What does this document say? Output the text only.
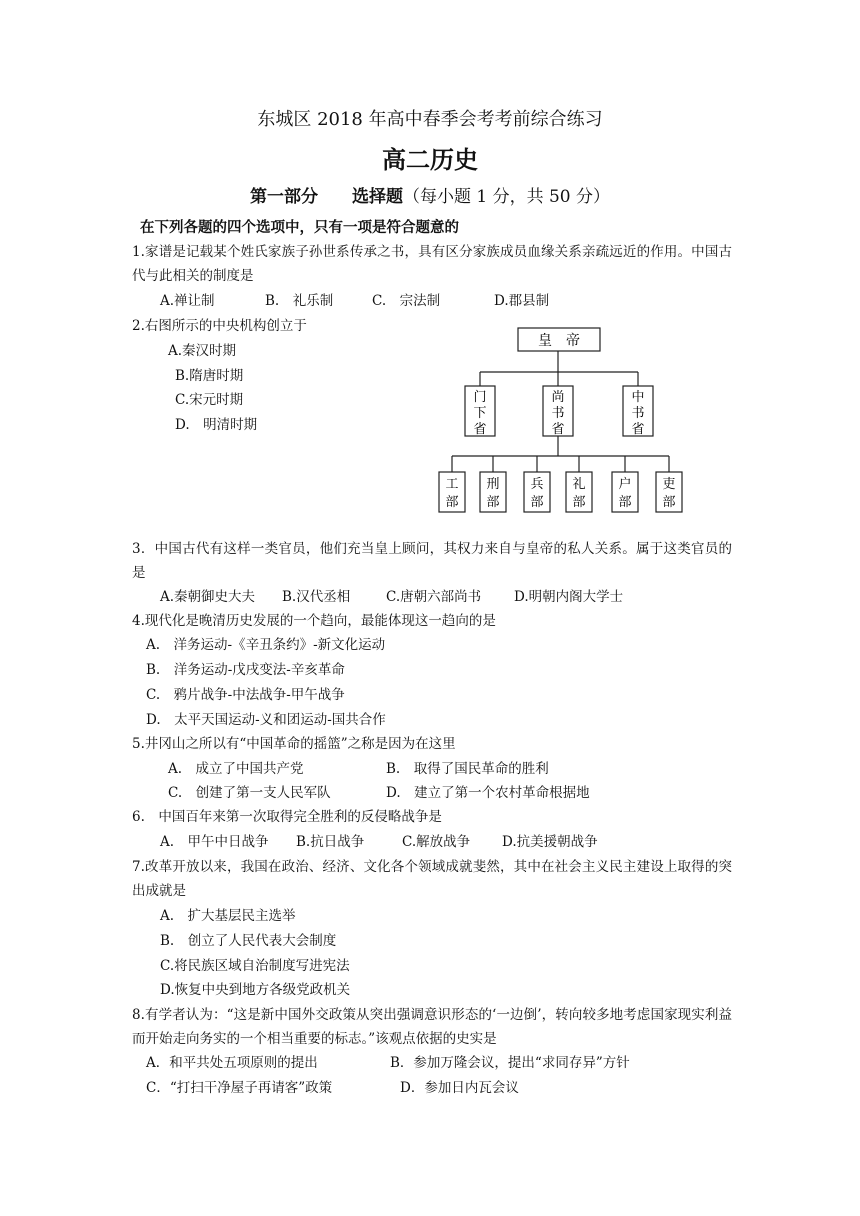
东城区 2018 年高中春季会考考前综合练习
高二历史
第一部分　　选择题（每小题 1 分，共 50 分）
在下列各题的四个选项中，只有一项是符合题意的
1.家谱是记载某个姓氏家族子孙世系传承之书，具有区分家族成员血缘关系亲疏远近的作用。中国古代与此相关的制度是
A.禅让制	B.　礼乐制	C.　宗法制	D.郡县制
2.右图所示的中央机构创立于
A.秦汉时期
B.隋唐时期
C.宋元时期
D.　明清时期
皇　帝
门
下
省
尚
书
省
中
书
省
工
部
刑
部
兵
部
礼
部
户
部
吏
部
3．中国古代有这样一类官员，他们充当皇上顾问，其权力来自与皇帝的私人关系。属于这类官员的是
A.秦朝御史大夫 B.汉代丞相	C.唐朝六部尚书 D.明朝内阁大学士
4.现代化是晚清历史发展的一个趋向，最能体现这一趋向的是
A.　洋务运动-《辛丑条约》-新文化运动
B.　洋务运动-戊戌变法-辛亥革命
C.　鸦片战争-中法战争-甲午战争
D.　太平天国运动-义和团运动-国共合作
5.井冈山之所以有“中国革命的摇篮”之称是因为在这里
A.　成立了中国共产党	B.　取得了国民革命的胜利
C.　创建了第一支人民军队	D.　建立了第一个农村革命根据地
6.　中国百年来第一次取得完全胜利的反侵略战争是
A.　甲午中日战争 B.抗日战争	C.解放战争 D.抗美援朝战争
7.改革开放以来，我国在政治、经济、文化各个领域成就斐然，其中在社会主义民主建设上取得的突出成就是
A.　扩大基层民主选举
B.　创立了人民代表大会制度
C.将民族区域自治制度写进宪法
D.恢复中央到地方各级党政机关
8.有学者认为：“这是新中国外交政策从突出强调意识形态的‘一边倒’，转向较多地考虑国家现实利益而开始走向务实的一个相当重要的标志。”该观点依据的史实是
A．和平共处五项原则的提出	B．参加万隆会议，提出“求同存异”方针
C．“打扫干净屋子再请客”政策	D．参加日内瓦会议
